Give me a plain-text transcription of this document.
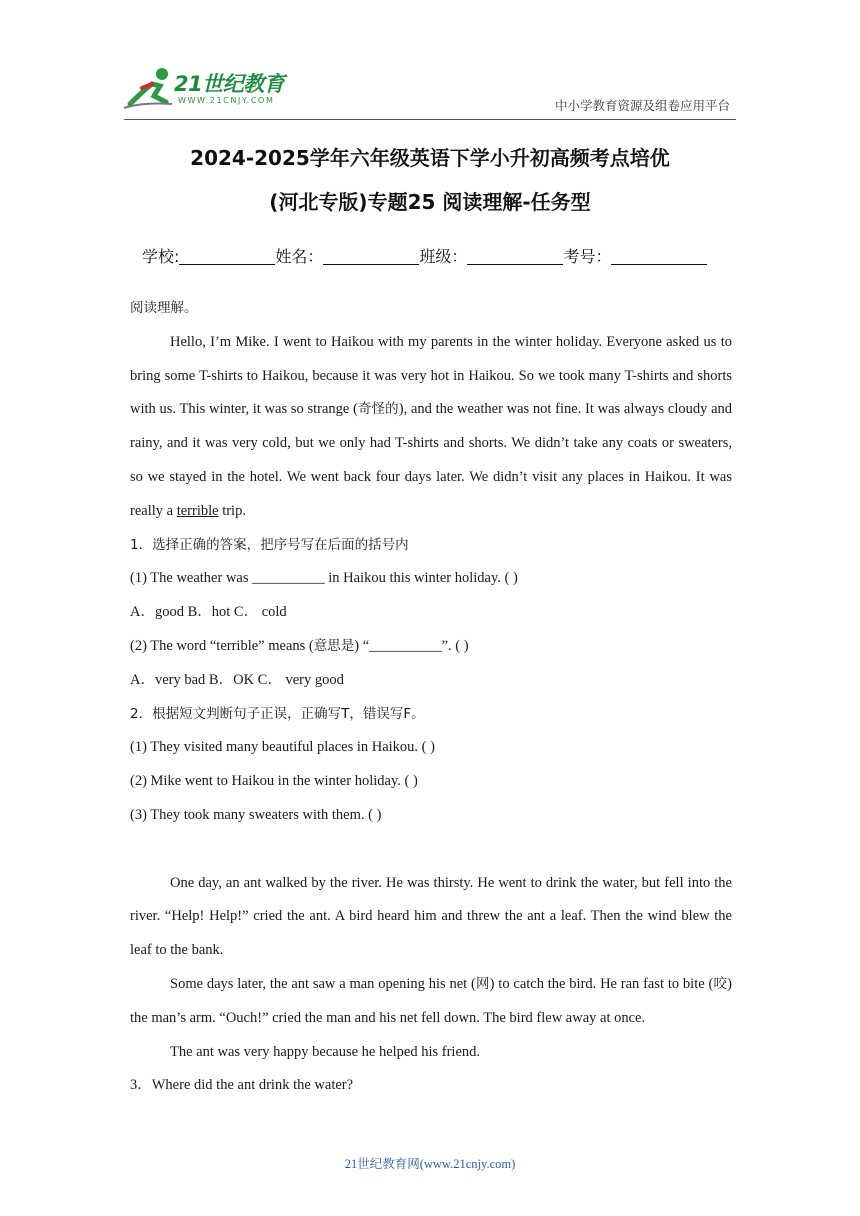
21世纪教育
WWW.21CNJY.COM	中小学教育资源及组卷应用平台
2024-2025学年六年级英语下学小升初高频考点培优
(河北专版)专题25 阅读理解-任务型
学校:	姓名：	班级：	考号：

阅读理解。

Hello, I’m Mike. I went to Haikou with my parents in the winter holiday. Everyone asked us to bring some T-shirts to Haikou, because it was very hot in Haikou. So we took many T-shirts and shorts with us. This winter, it was so strange (奇怪的), and the weather was not fine. It was always cloudy and rainy, and it was very cold, but we only had T-shirts and shorts. We didn’t take any coats or sweaters, so we stayed in the hotel. We went back four days later. We didn’t visit any places in Haikou. It was really a terrible trip.

1．选择正确的答案，把序号写在后面的括号内

(1) The weather was __________ in Haikou this winter holiday. ( )

A．good B．hot C． cold

(2) The word “terrible” means (意思是) “__________”. ( )

A．very bad B．OK C． very good

2．根据短文判断句子正误，正确写T，错误写F。

(1) They visited many beautiful places in Haikou. ( )

(2) Mike went to Haikou in the winter holiday. ( )

(3) They took many sweaters with them. ( )

One day, an ant walked by the river. He was thirsty. He went to drink the water, but fell into the river. “Help! Help!” cried the ant. A bird heard him and threw the ant a leaf. Then the wind blew the leaf to the bank.

Some days later, the ant saw a man opening his net (网) to catch the bird. He ran fast to bite (咬) the man’s arm. “Ouch!” cried the man and his net fell down. The bird flew away at once.

The ant was very happy because he helped his friend.

3．Where did the ant drink the water?

21世纪教育网(www.21cnjy.com)
